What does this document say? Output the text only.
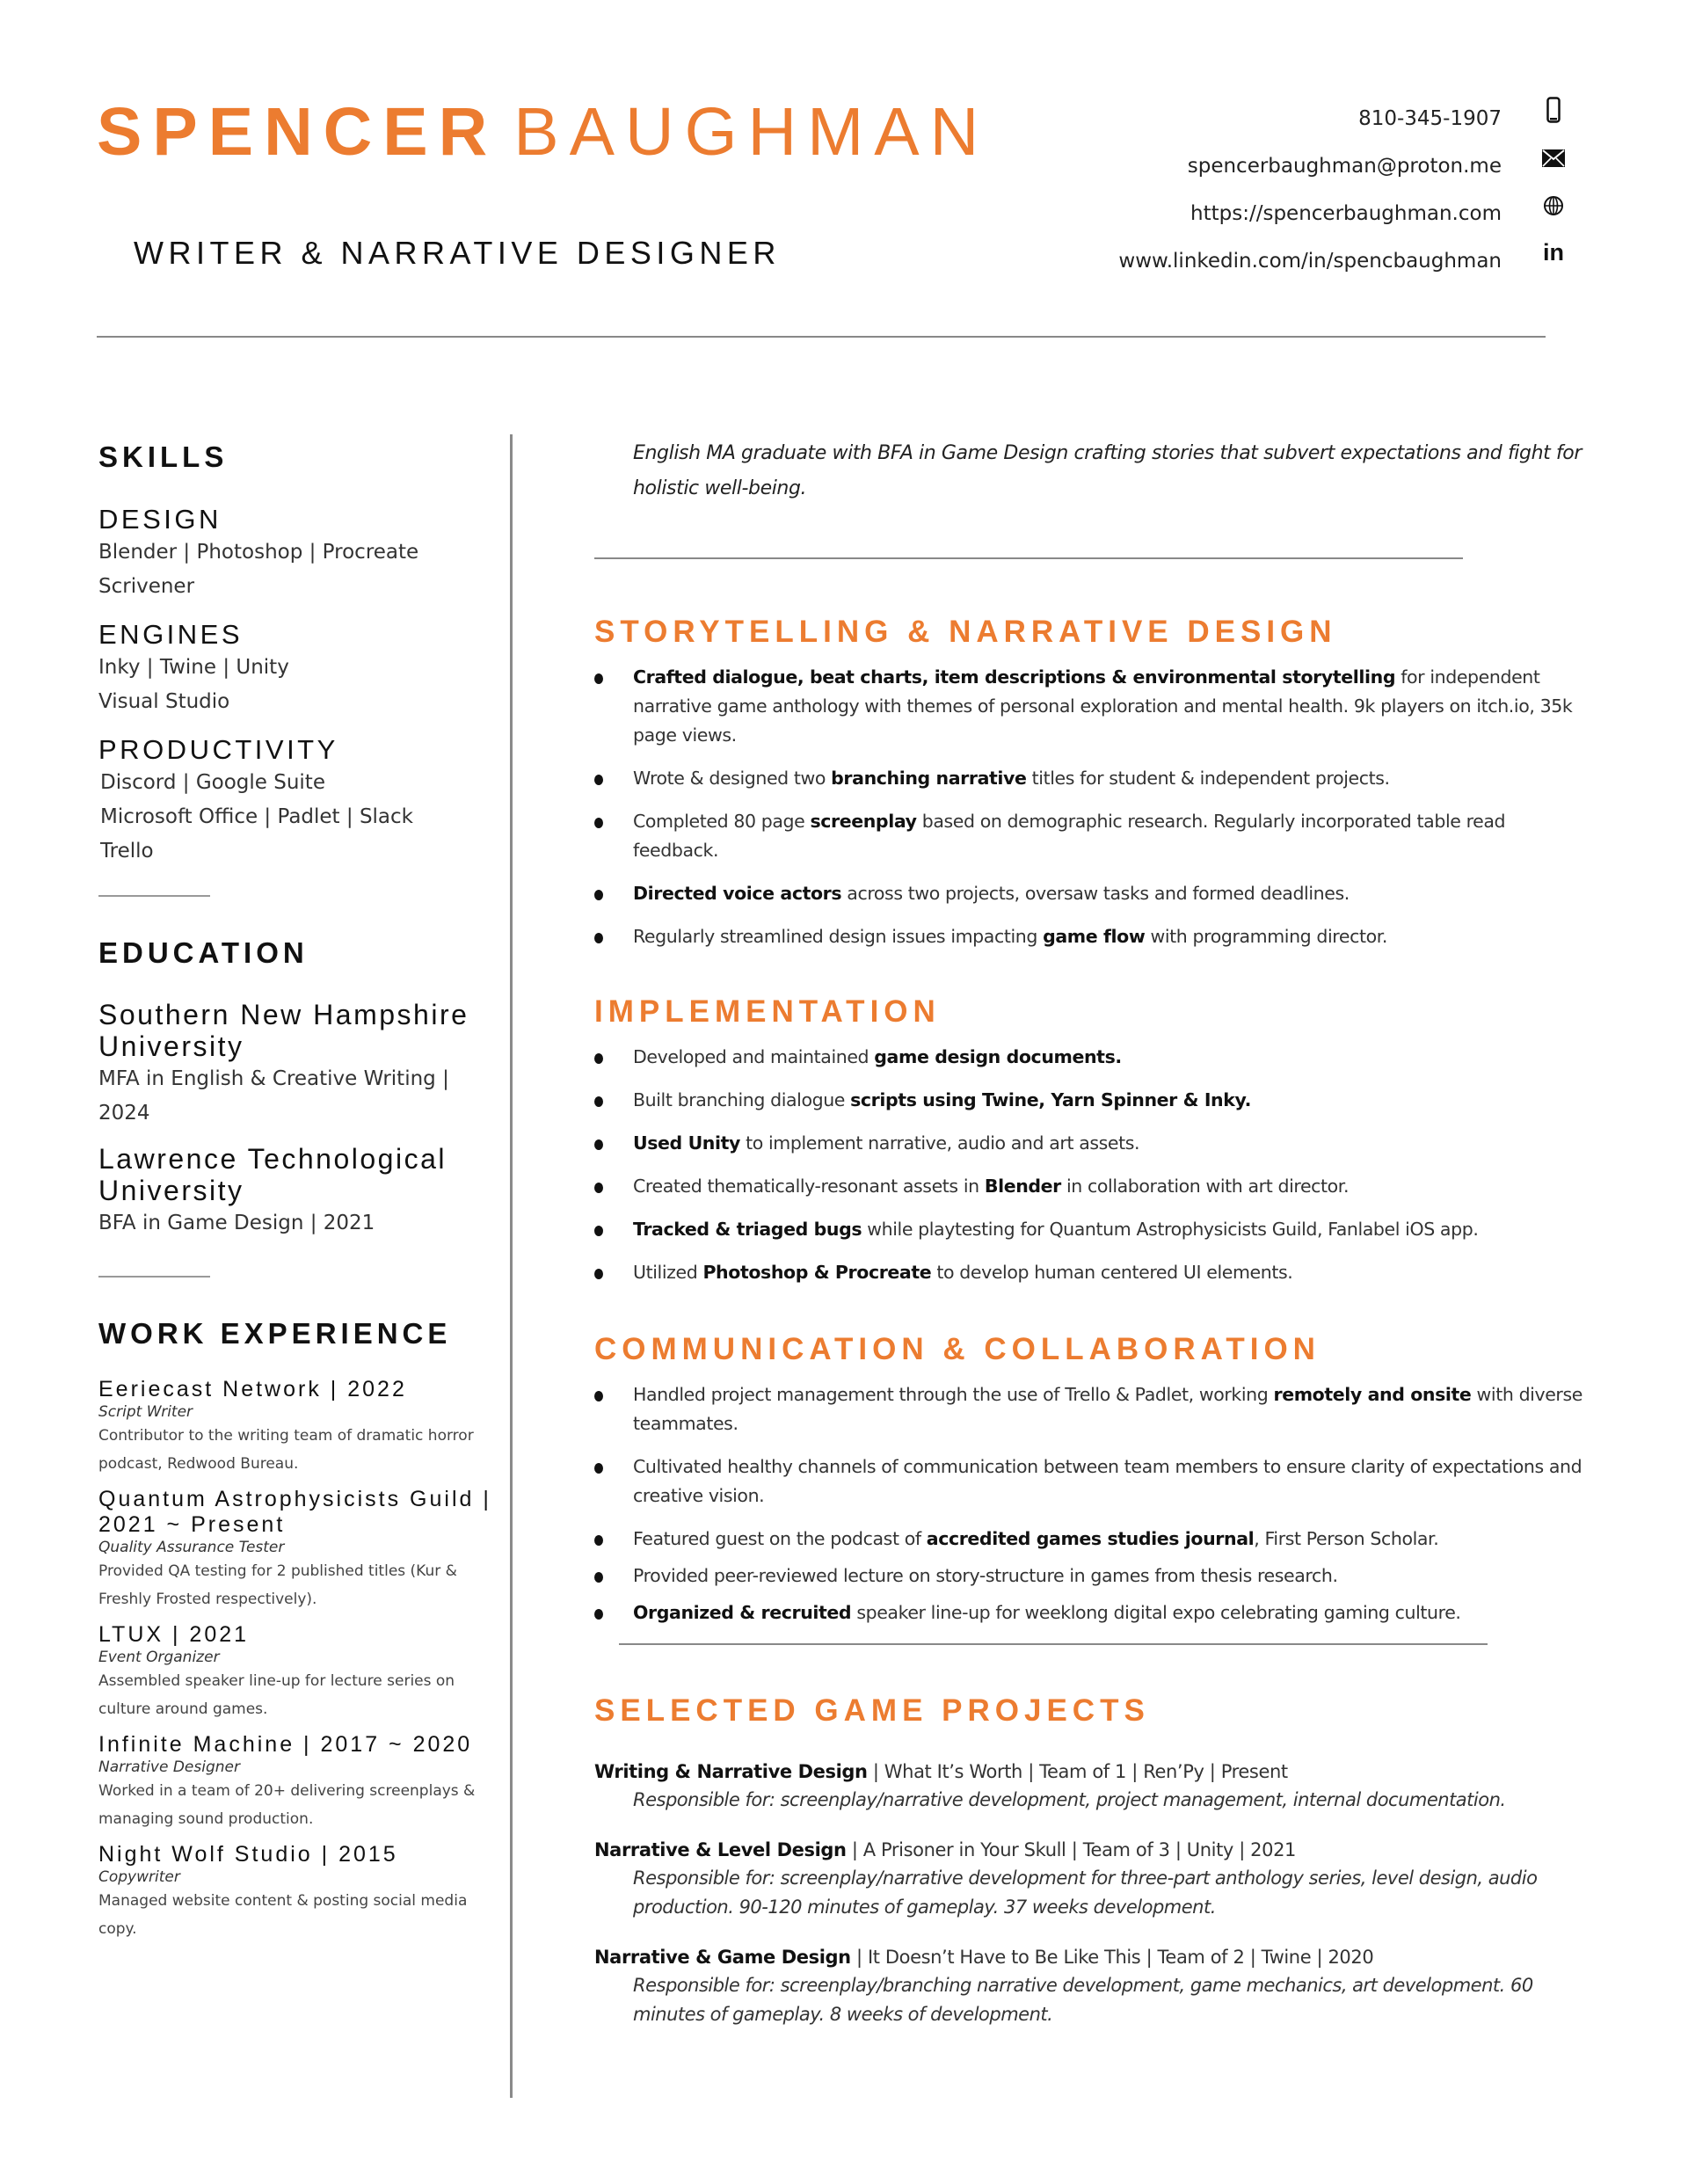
SPENCER BAUGHMAN
WRITER & NARRATIVE DESIGNER
810-345-1907
spencerbaughman@proton.me
https://spencerbaughman.com
www.linkedin.com/in/spencbaughman in
SKILLS
DESIGN
Blender | Photoshop | Procreate
Scrivener
ENGINES
Inky | Twine | Unity
Visual Studio
PRODUCTIVITY
Discord | Google Suite
Microsoft Office | Padlet | Slack
Trello
EDUCATION
Southern New Hampshire
University
MFA in English & Creative Writing |
2024
Lawrence Technological
University
BFA in Game Design | 2021
WORK EXPERIENCE
Eeriecast Network | 2022
Script Writer
Contributor to the writing team of dramatic horror
podcast, Redwood Bureau.
Quantum Astrophysicists Guild |
2021 ~ Present
Quality Assurance Tester
Provided QA testing for 2 published titles (Kur &
Freshly Frosted respectively).
LTUX | 2021
Event Organizer
Assembled speaker line-up for lecture series on
culture around games.
Infinite Machine | 2017 ~ 2020
Narrative Designer
Worked in a team of 20+ delivering screenplays &
managing sound production.
Night Wolf Studio | 2015
Copywriter
Managed website content & posting social media
copy.
English MA graduate with BFA in Game Design crafting stories that subvert expectations and fight for holistic well-being.
STORYTELLING & NARRATIVE DESIGN
Crafted dialogue, beat charts, item descriptions & environmental storytelling for independent narrative game anthology with themes of personal exploration and mental health. 9k players on itch.io, 35k page views.
Wrote & designed two branching narrative titles for student & independent projects.
Completed 80 page screenplay based on demographic research. Regularly incorporated table read feedback.
Directed voice actors across two projects, oversaw tasks and formed deadlines.
Regularly streamlined design issues impacting game flow with programming director.
IMPLEMENTATION
Developed and maintained game design documents.
Built branching dialogue scripts using Twine, Yarn Spinner & Inky.
Used Unity to implement narrative, audio and art assets.
Created thematically-resonant assets in Blender in collaboration with art director.
Tracked & triaged bugs while playtesting for Quantum Astrophysicists Guild, Fanlabel iOS app.
Utilized Photoshop & Procreate to develop human centered UI elements.
COMMUNICATION & COLLABORATION
Handled project management through the use of Trello & Padlet, working remotely and onsite with diverse teammates.
Cultivated healthy channels of communication between team members to ensure clarity of expectations and creative vision.
Featured guest on the podcast of accredited games studies journal, First Person Scholar.
Provided peer-reviewed lecture on story-structure in games from thesis research.
Organized & recruited speaker line-up for weeklong digital expo celebrating gaming culture.
SELECTED GAME PROJECTS
Writing & Narrative Design | What It’s Worth | Team of 1 | Ren’Py | Present
Responsible for: screenplay/narrative development, project management, internal documentation.
Narrative & Level Design | A Prisoner in Your Skull | Team of 3 | Unity | 2021
Responsible for: screenplay/narrative development for three-part anthology series, level design, audio production. 90-120 minutes of gameplay. 37 weeks development.
Narrative & Game Design | It Doesn’t Have to Be Like This | Team of 2 | Twine | 2020
Responsible for: screenplay/branching narrative development, game mechanics, art development. 60 minutes of gameplay. 8 weeks of development.
